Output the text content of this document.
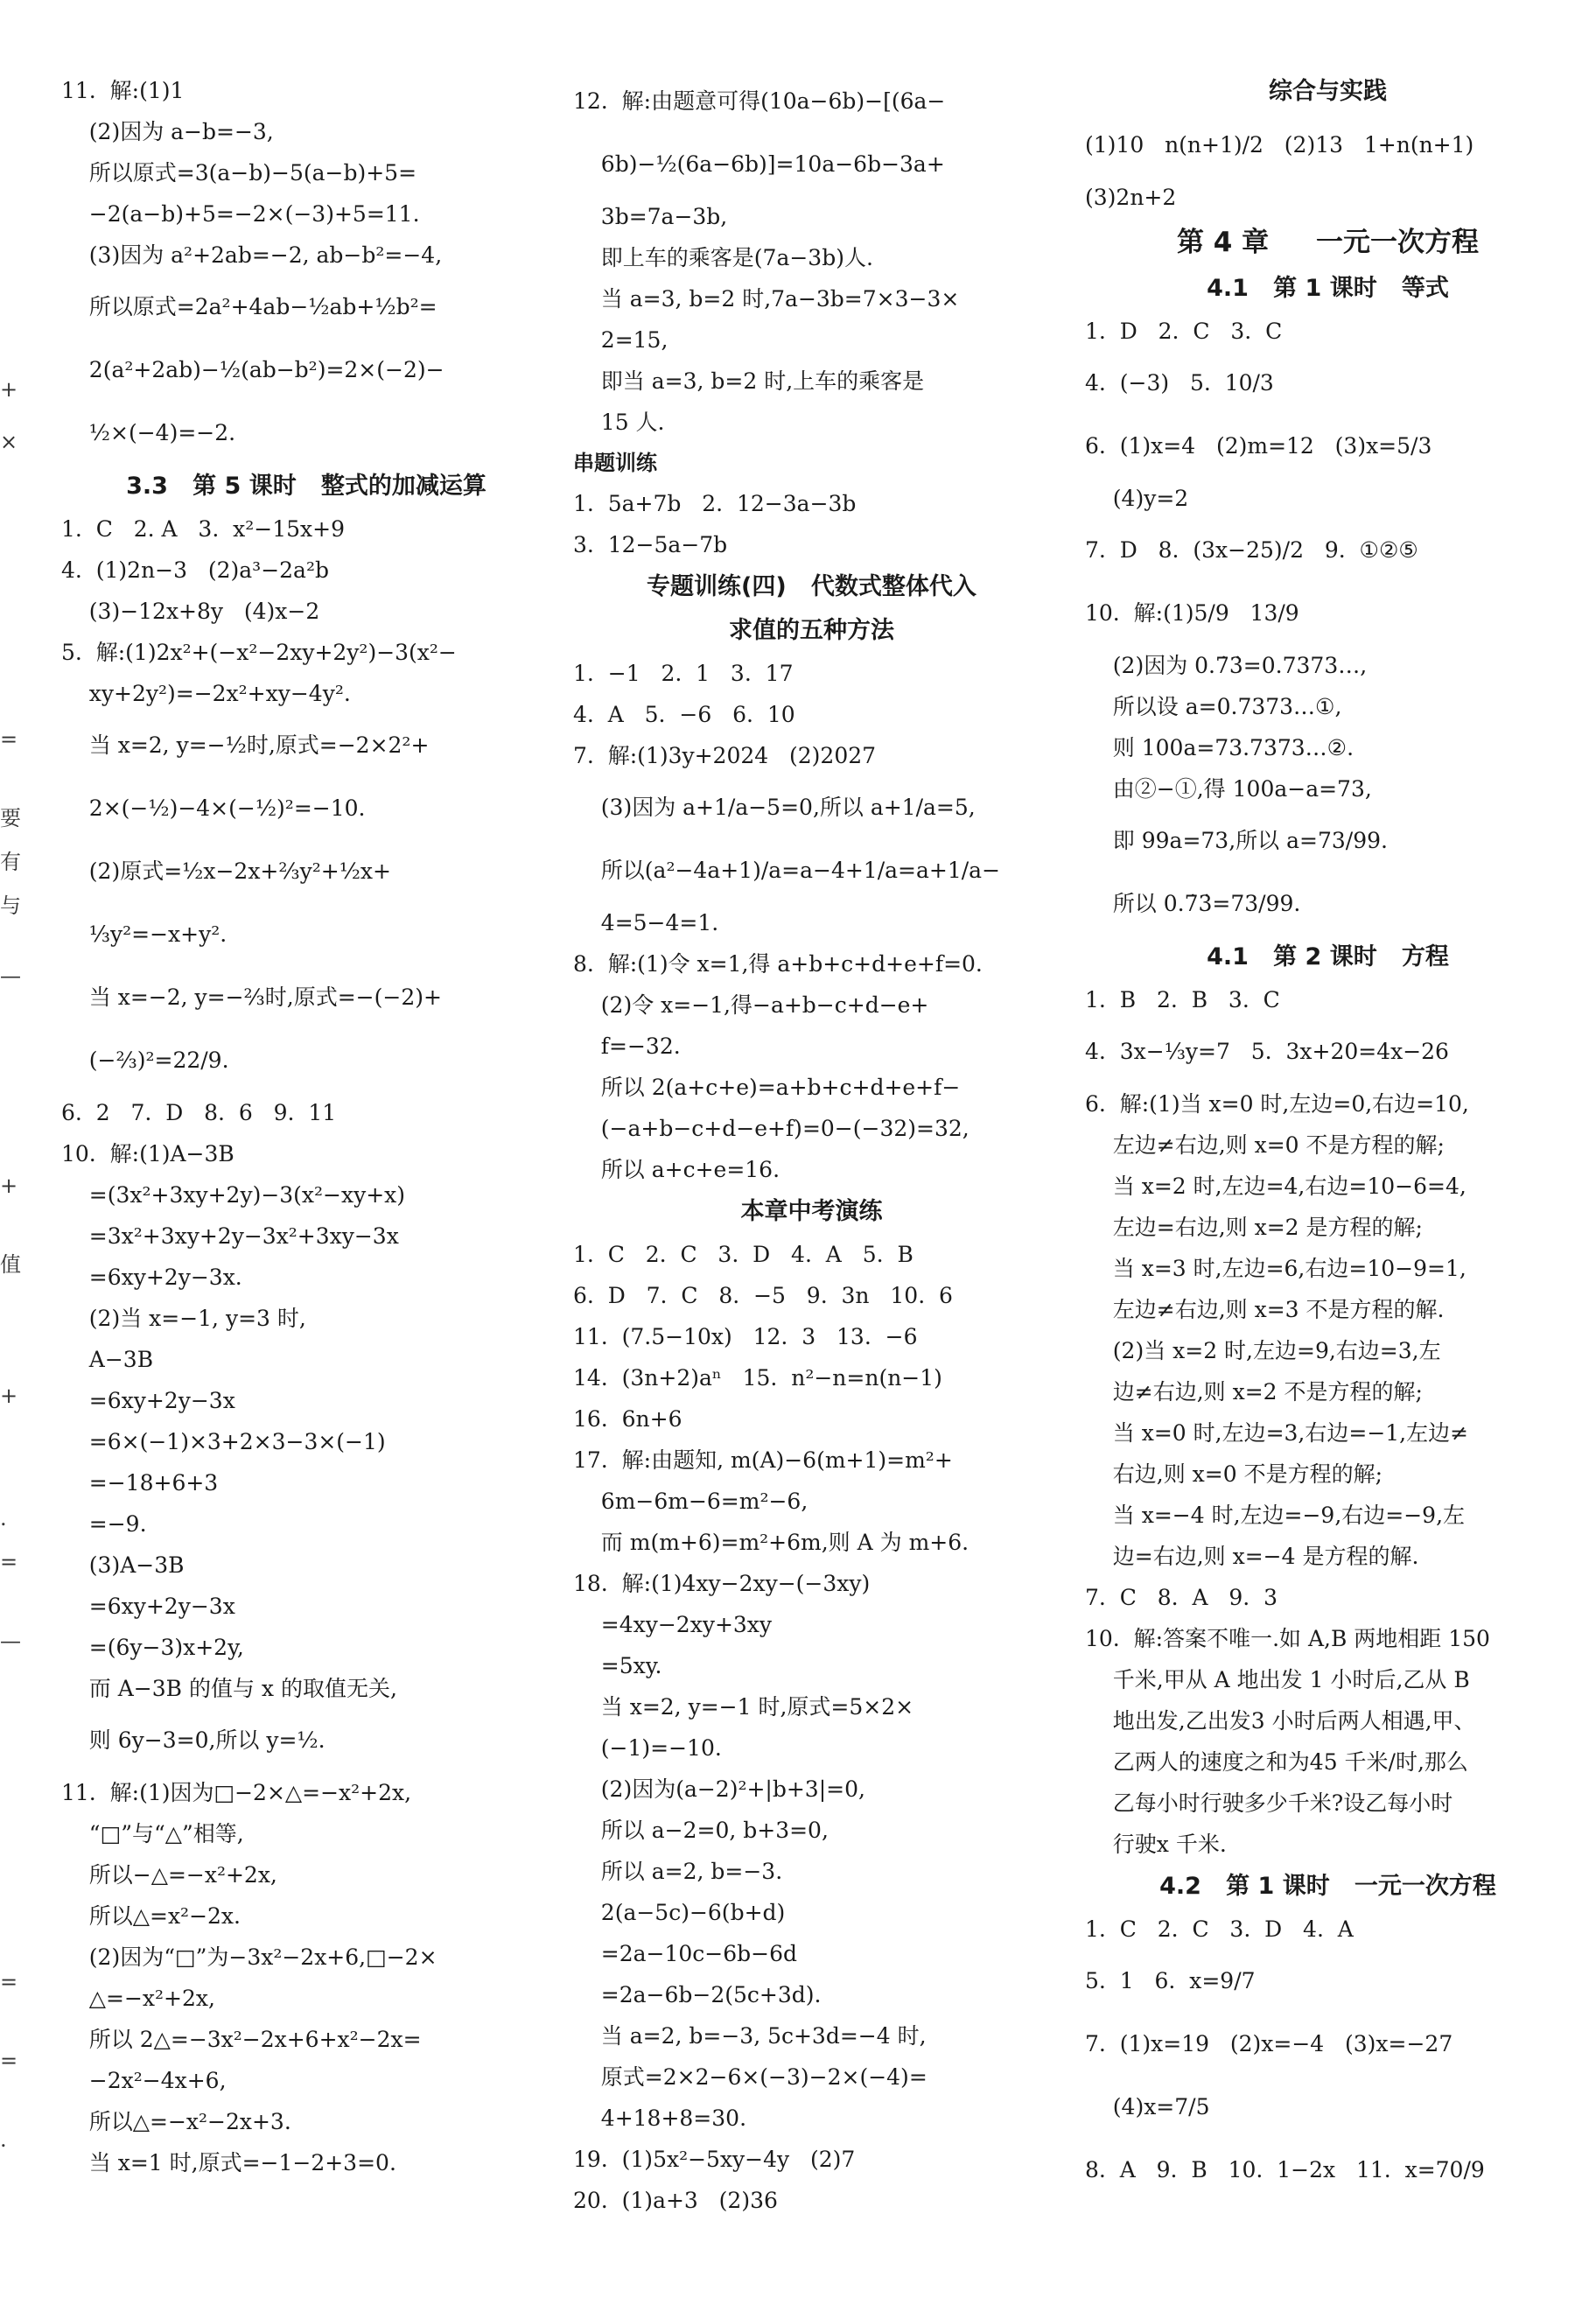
11.  解:(1)1
(2)因为 a−b=−3,
所以原式=3(a−b)−5(a−b)+5=
−2(a−b)+5=−2×(−3)+5=11.
(3)因为 a²+2ab=−2, ab−b²=−4,
所以原式=2a²+4ab−½ab+½b²=
2(a²+2ab)−½(ab−b²)=2×(−2)−
½×(−4)=−2.
3.3   第 5 课时   整式的加减运算
1.  C   2. A   3.  x²−15x+9
4.  (1)2n−3   (2)a³−2a²b
(3)−12x+8y   (4)x−2
5.  解:(1)2x²+(−x²−2xy+2y²)−3(x²−
xy+2y²)=−2x²+xy−4y².
当 x=2, y=−½时,原式=−2×2²+
2×(−½)−4×(−½)²=−10.
(2)原式=½x−2x+⅔y²+½x+
⅓y²=−x+y².
当 x=−2, y=−⅔时,原式=−(−2)+
(−⅔)²=22/9.
6.  2   7.  D   8.  6   9.  11
10.  解:(1)A−3B
=(3x²+3xy+2y)−3(x²−xy+x)
=3x²+3xy+2y−3x²+3xy−3x
=6xy+2y−3x.
(2)当 x=−1, y=3 时,
A−3B
=6xy+2y−3x
=6×(−1)×3+2×3−3×(−1)
=−18+6+3
=−9.
(3)A−3B
=6xy+2y−3x
=(6y−3)x+2y,
而 A−3B 的值与 x 的取值无关,
则 6y−3=0,所以 y=½.
11.  解:(1)因为□−2×△=−x²+2x,
“□”与“△”相等,
所以−△=−x²+2x,
所以△=x²−2x.
(2)因为“□”为−3x²−2x+6,□−2×
△=−x²+2x,
所以 2△=−3x²−2x+6+x²−2x=
−2x²−4x+6,
所以△=−x²−2x+3.
当 x=1 时,原式=−1−2+3=0.
12.  解:由题意可得(10a−6b)−[(6a−
6b)−½(6a−6b)]=10a−6b−3a+
3b=7a−3b,
即上车的乘客是(7a−3b)人.
当 a=3, b=2 时,7a−3b=7×3−3×
2=15,
即当 a=3, b=2 时,上车的乘客是
15 人.
串题训练
1.  5a+7b   2.  12−3a−3b
3.  12−5a−7b
专题训练(四)   代数式整体代入
求值的五种方法
1.  −1   2.  1   3.  17
4.  A   5.  −6   6.  10
7.  解:(1)3y+2024   (2)2027
(3)因为 a+1/a−5=0,所以 a+1/a=5,
所以(a²−4a+1)/a=a−4+1/a=a+1/a−
4=5−4=1.
8.  解:(1)令 x=1,得 a+b+c+d+e+f=0.
(2)令 x=−1,得−a+b−c+d−e+
f=−32.
所以 2(a+c+e)=a+b+c+d+e+f−
(−a+b−c+d−e+f)=0−(−32)=32,
所以 a+c+e=16.
本章中考演练
1.  C   2.  C   3.  D   4.  A   5.  B
6.  D   7.  C   8.  −5   9.  3n   10.  6
11.  (7.5−10x)   12.  3   13.  −6
14.  (3n+2)aⁿ   15.  n²−n=n(n−1)
16.  6n+6
17.  解:由题知, m(A)−6(m+1)=m²+
6m−6m−6=m²−6,
而 m(m+6)=m²+6m,则 A 为 m+6.
18.  解:(1)4xy−2xy−(−3xy)
=4xy−2xy+3xy
=5xy.
当 x=2, y=−1 时,原式=5×2×
(−1)=−10.
(2)因为(a−2)²+|b+3|=0,
所以 a−2=0, b+3=0,
所以 a=2, b=−3.
2(a−5c)−6(b+d)
=2a−10c−6b−6d
=2a−6b−2(5c+3d).
当 a=2, b=−3, 5c+3d=−4 时,
原式=2×2−6×(−3)−2×(−4)=
4+18+8=30.
19.  (1)5x²−5xy−4y   (2)7
20.  (1)a+3   (2)36
综合与实践
(1)10   n(n+1)/2   (2)13   1+n(n+1)
(3)2n+2
第 4 章     一元一次方程
4.1   第 1 课时   等式
1.  D   2.  C   3.  C
4.  (−3)   5.  10/3
6.  (1)x=4   (2)m=12   (3)x=5/3
(4)y=2
7.  D   8.  (3x−25)/2   9.  ①②⑤
10.  解:(1)5/9   13/9
(2)因为 0.7̇3̇=0.7373…,
所以设 a=0.7373…①,
则 100a=73.7373…②.
由②−①,得 100a−a=73,
即 99a=73,所以 a=73/99.
所以 0.7̇3̇=73/99.
4.1   第 2 课时   方程
1.  B   2.  B   3.  C
4.  3x−⅓y=7   5.  3x+20=4x−26
6.  解:(1)当 x=0 时,左边=0,右边=10,
左边≠右边,则 x=0 不是方程的解;
当 x=2 时,左边=4,右边=10−6=4,
左边=右边,则 x=2 是方程的解;
当 x=3 时,左边=6,右边=10−9=1,
左边≠右边,则 x=3 不是方程的解.
(2)当 x=2 时,左边=9,右边=3,左
边≠右边,则 x=2 不是方程的解;
当 x=0 时,左边=3,右边=−1,左边≠
右边,则 x=0 不是方程的解;
当 x=−4 时,左边=−9,右边=−9,左
边=右边,则 x=−4 是方程的解.
7.  C   8.  A   9.  3
10.  解:答案不唯一.如 A,B 两地相距 150
千米,甲从 A 地出发 1 小时后,乙从 B
地出发,乙出发3 小时后两人相遇,甲、
乙两人的速度之和为45 千米/时,那么
乙每小时行驶多少千米?设乙每小时
行驶x 千米.
4.2   第 1 课时   一元一次方程
1.  C   2.  C   3.  D   4.  A
5.  1   6.  x=9/7
7.  (1)x=19   (2)x=−4   (3)x=−27
(4)x=7/5
8.  A   9.  B   10.  1−2x   11.  x=70/9
+
×
=
要
有
与
—
+
值
+
.
=
—
=
=
.
